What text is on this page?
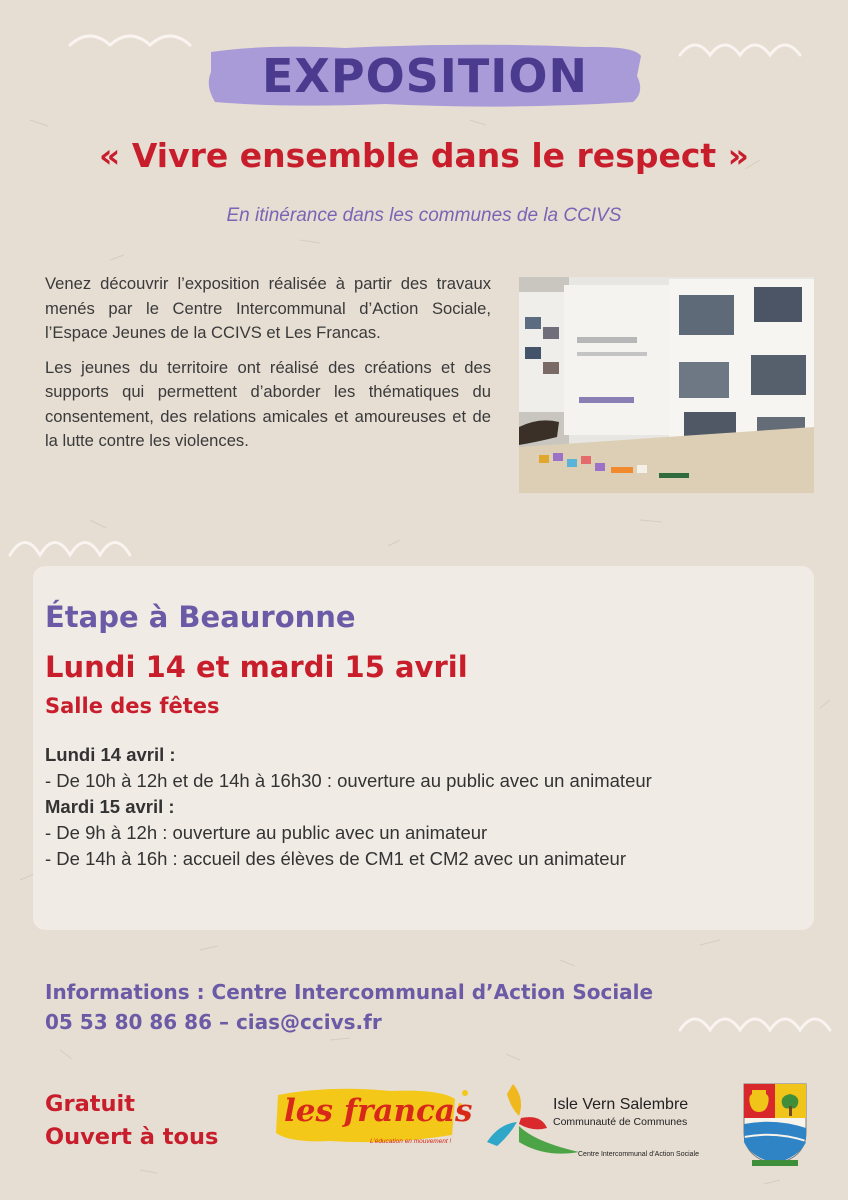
EXPOSITION
« Vivre ensemble dans le respect »
En itinérance dans les communes de la CCIVS

Venez découvrir l’exposition réalisée à partir des travaux menés par le Centre Intercommunal d’Action Sociale, l’Espace Jeunes de la CCIVS et Les Francas.

Les jeunes du territoire ont réalisé des créations et des supports qui permettent d’aborder les thématiques du consentement, des relations amicales et amoureuses et de la lutte contre les violences.

Étape à Beauronne
Lundi 14 et mardi 15 avril
Salle des fêtes
Lundi 14 avril :
- De 10h à 12h et de 14h à 16h30 : ouverture au public avec un animateur
Mardi 15 avril :
- De 9h à 12h : ouverture au public avec un animateur
- De 14h à 16h : accueil des élèves de CM1 et CM2 avec un animateur
Informations : Centre Intercommunal d’Action Sociale
05 53 80 86 86 – cias@ccivs.fr
Gratuit
Ouvert à tous
les francas
L’éducation en mouvement !
Isle Vern Salembre
Communauté de Communes
Centre Intercommunal d’Action Sociale
